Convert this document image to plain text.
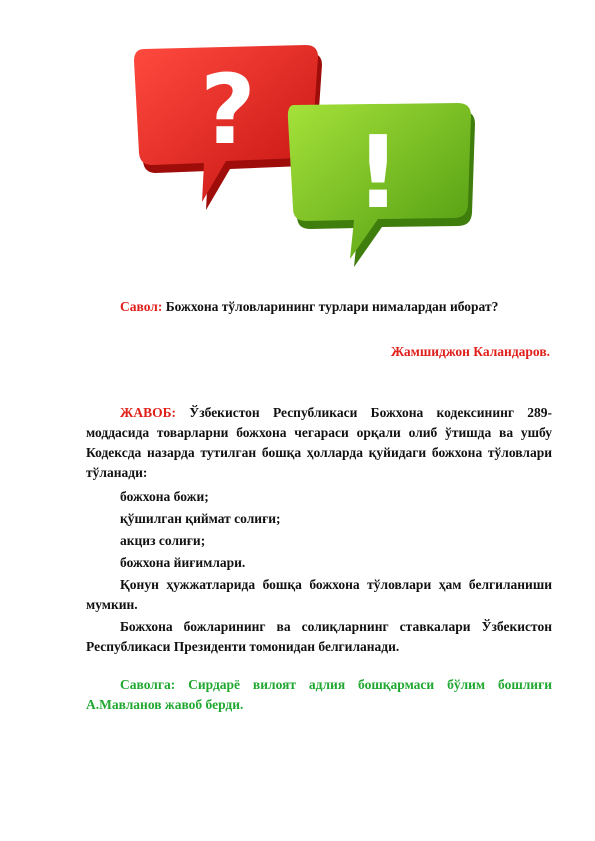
?
!
Савол: Божхона тўловларининг турлари нималардан иборат?
Жамшиджон Каландаров.

ЖАВОБ: Ўзбекистон Республикаси Божхона кодексининг 289-моддасида товарларни божхона чегараси орқали олиб ўтишда ва ушбу Кодексда назарда тутилган бошқа ҳолларда қуйидаги божхона тўловлари тўланади:

божхона божи;

қўшилган қиймат солиғи;

акциз солиғи;

божхона йиғимлари.

Қонун ҳужжатларида бошқа божхона тўловлари ҳам белгиланиши мумкин.

Божхона божларининг ва солиқларнинг ставкалари Ўзбекистон Республикаси Президенти томонидан белгиланади.

Саволга: Сирдарё вилоят адлия бошқармаси бўлим бошлиғи А.Мавланов жавоб берди.
